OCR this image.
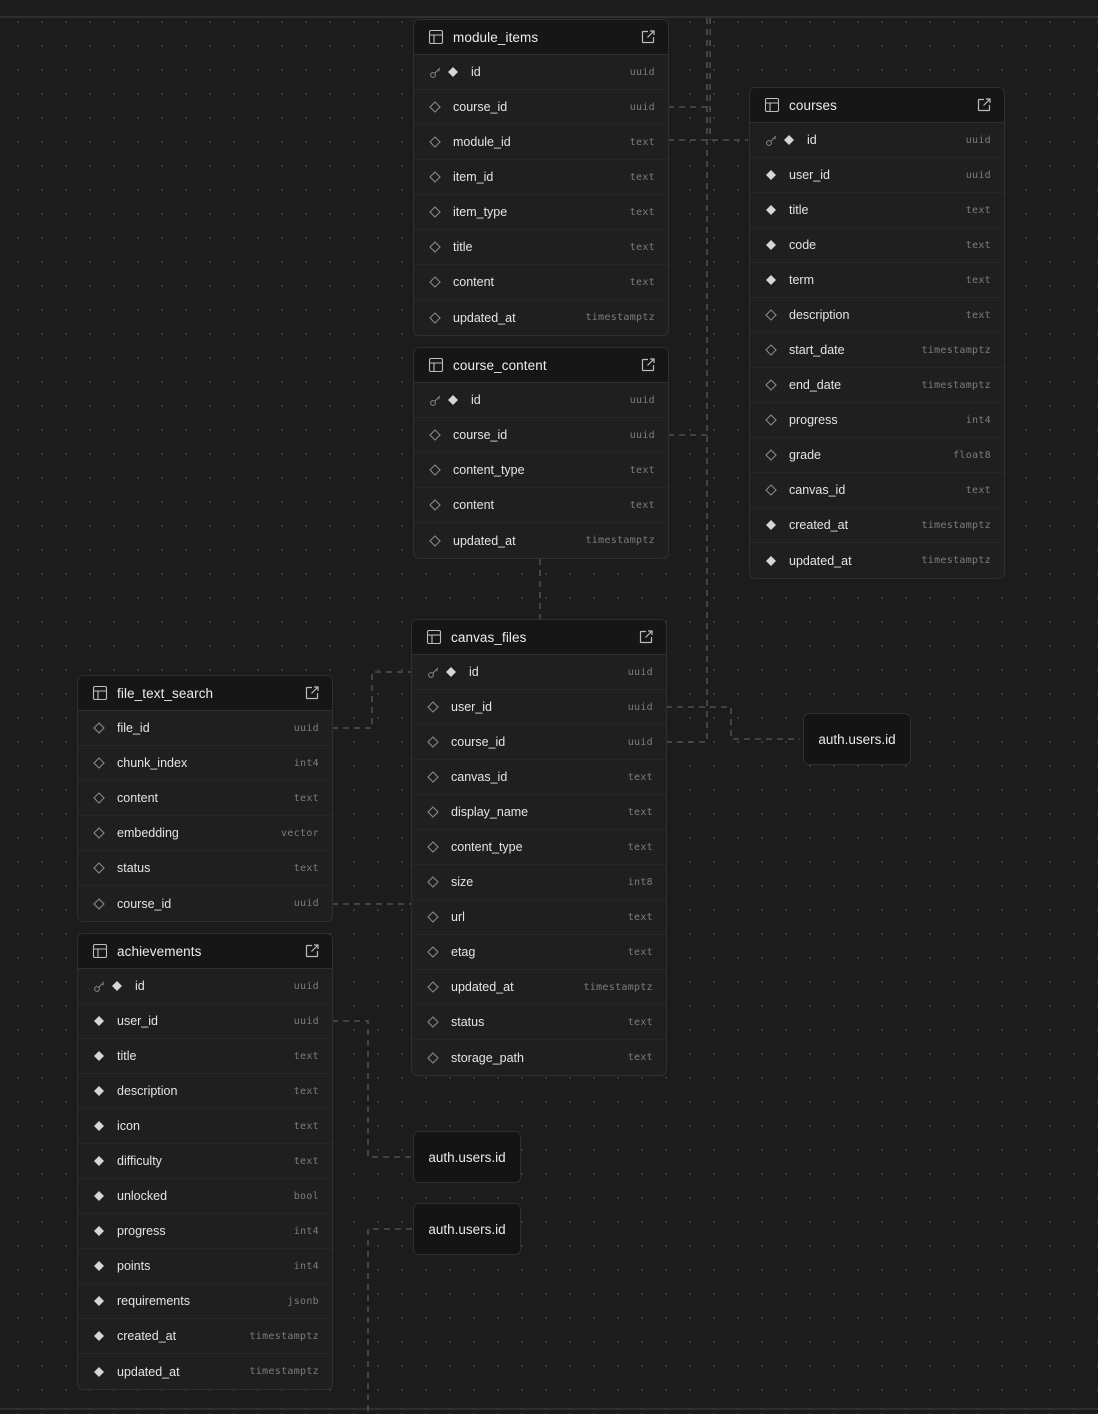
module_items
id	uuid
course_id	uuid
module_id	text
item_id	text
item_type	text
title	text
content	text
updated_at	timestamptz
course_content
id	uuid
course_id	uuid
content_type	text
content	text
updated_at	timestamptz
courses
id	uuid
user_id	uuid
title	text
code	text
term	text
description	text
start_date	timestamptz
end_date	timestamptz
progress	int4
grade	float8
canvas_id	text
created_at	timestamptz
updated_at	timestamptz
canvas_files
id	uuid
user_id	uuid
course_id	uuid
canvas_id	text
display_name	text
content_type	text
size	int8
url	text
etag	text
updated_at	timestamptz
status	text
storage_path	text
file_text_search
file_id	uuid
chunk_index	int4
content	text
embedding	vector
status	text
course_id	uuid
achievements
id	uuid
user_id	uuid
title	text
description	text
icon	text
difficulty	text
unlocked	bool
progress	int4
points	int4
requirements	jsonb
created_at	timestamptz
updated_at	timestamptz
auth.users.id
auth.users.id
auth.users.id
